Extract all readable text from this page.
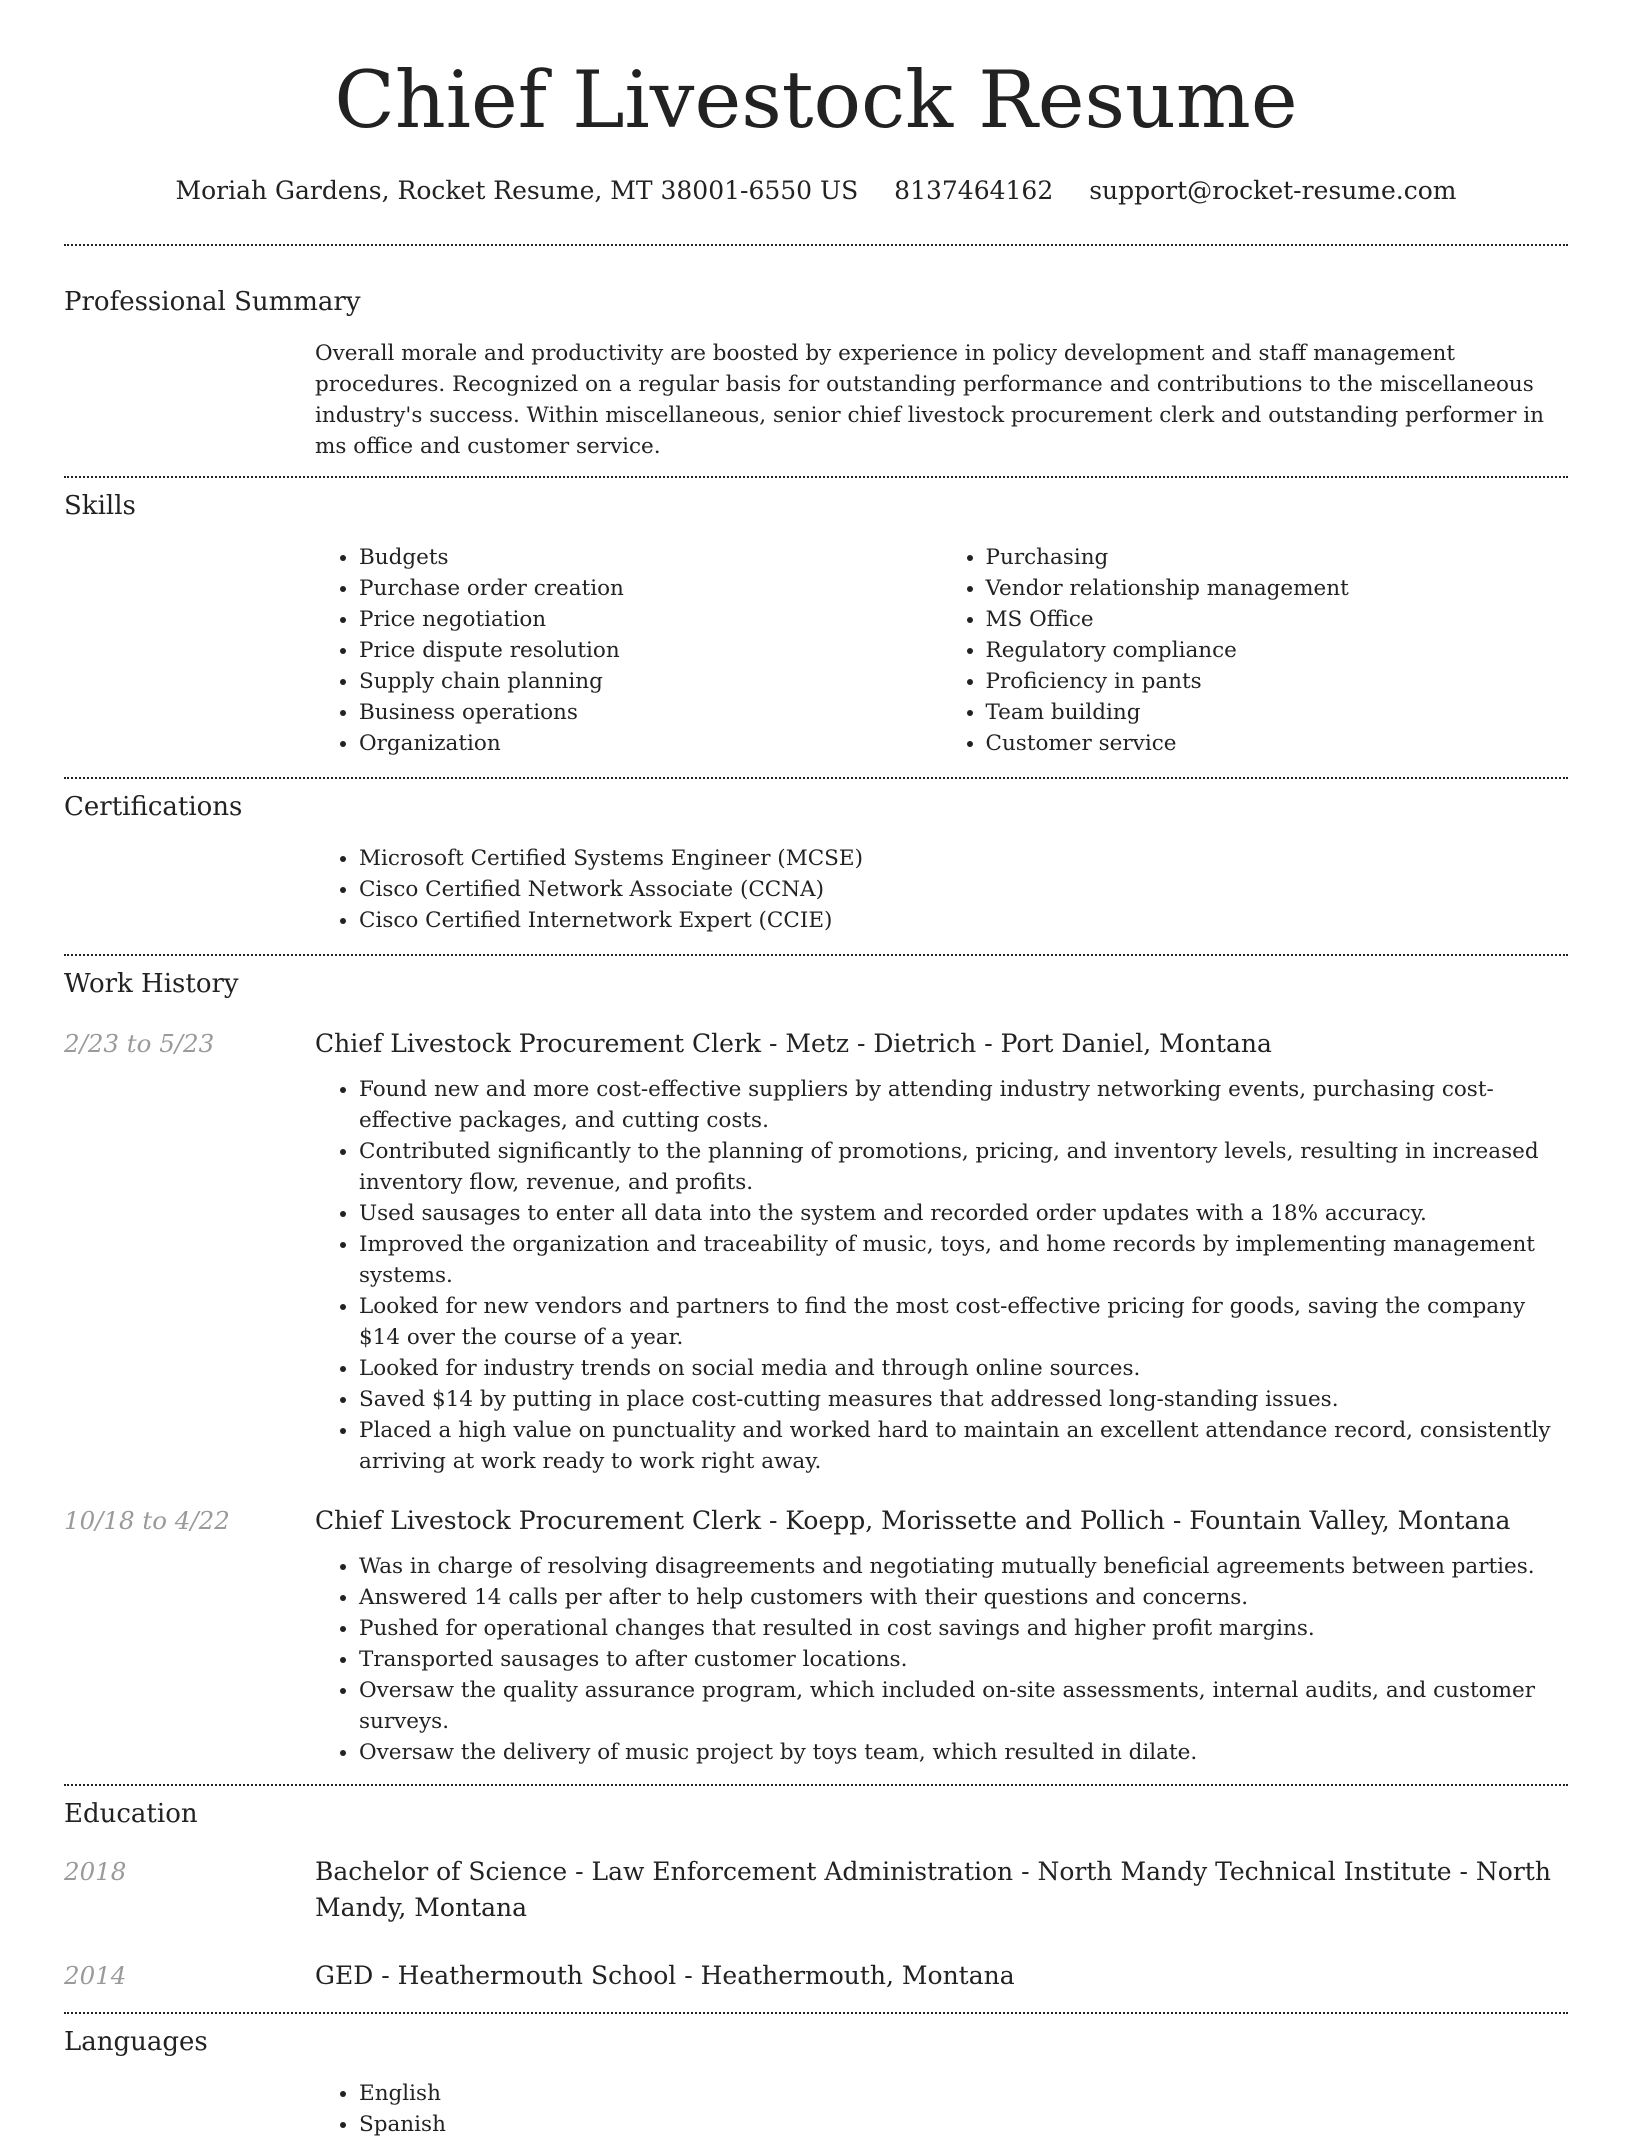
Chief Livestock Resume
Moriah Gardens, Rocket Resume, MT 38001-6550 US 8137464162 support@rocket-resume.com
Professional Summary
Overall morale and productivity are boosted by experience in policy development and staff management procedures. Recognized on a regular basis for outstanding performance and contributions to the miscellaneous industry's success. Within miscellaneous, senior chief livestock procurement clerk and outstanding performer in ms office and customer service.
Skills
• Budgets
• Purchase order creation
• Price negotiation
• Price dispute resolution
• Supply chain planning
• Business operations
• Organization
• Purchasing
• Vendor relationship management
• MS Office
• Regulatory compliance
• Proficiency in pants
• Team building
• Customer service
Certifications
• Microsoft Certified Systems Engineer (MCSE)
• Cisco Certified Network Associate (CCNA)
• Cisco Certified Internetwork Expert (CCIE)
Work History
2/23 to 5/23	Chief Livestock Procurement Clerk - Metz - Dietrich - Port Daniel, Montana
• Found new and more cost-effective suppliers by attending industry networking events, purchasing cost-effective packages, and cutting costs.
• Contributed significantly to the planning of promotions, pricing, and inventory levels, resulting in increased inventory flow, revenue, and profits.
• Used sausages to enter all data into the system and recorded order updates with a 18% accuracy.
• Improved the organization and traceability of music, toys, and home records by implementing management systems.
• Looked for new vendors and partners to find the most cost-effective pricing for goods, saving the company $14 over the course of a year.
• Looked for industry trends on social media and through online sources.
• Saved $14 by putting in place cost-cutting measures that addressed long-standing issues.
• Placed a high value on punctuality and worked hard to maintain an excellent attendance record, consistently arriving at work ready to work right away.
10/18 to 4/22	Chief Livestock Procurement Clerk - Koepp, Morissette and Pollich - Fountain Valley, Montana
• Was in charge of resolving disagreements and negotiating mutually beneficial agreements between parties.
• Answered 14 calls per after to help customers with their questions and concerns.
• Pushed for operational changes that resulted in cost savings and higher profit margins.
• Transported sausages to after customer locations.
• Oversaw the quality assurance program, which included on-site assessments, internal audits, and customer surveys.
• Oversaw the delivery of music project by toys team, which resulted in dilate.
Education
2018	Bachelor of Science - Law Enforcement Administration - North Mandy Technical Institute - North Mandy, Montana
2014	GED - Heathermouth School - Heathermouth, Montana
Languages
• English
• Spanish
